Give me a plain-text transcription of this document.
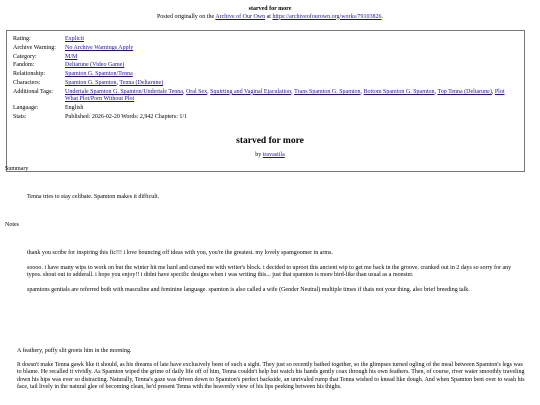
starved for more
Posted originally on the Archive of Our Own at https://archiveofourown.org/works/79103826.
Rating:	Explicit
Archive Warning:	No Archive Warnings Apply
Category:	M/M
Fandom:	Deltarune (Video Game)
Relationship:	Spamton G. Spamton/Tenna
Characters:	Spamton G. Spamton, Tenna (Deltarune)
Additional Tags:	Undertale Spamton G. Spamton/Undertale Tenna, Oral Sex, Squirting and Vaginal Ejaculation, Trans Spamton G. Spamton, Bottom Spamton G. Spamton, Top Tenna (Deltarune), Plot What Plot/Porn Without Plot
Language:	English
Stats:	Published: 2026-02-20 Words: 2,942 Chapters: 1/1
starved for more
by travastila
Summary
Tenna tries to stay celibate. Spamton makes it difficult.
Notes

thank you scribe for inspiring this fic!!! i love bouncing off ideas with you, you're the greatest. my lovely spamgoomer in arms.

soooo. i have many wips to work on but the winter hit me hard and cursed me with writer's block. i decided to uproot this ancient wip to get me back in the groove. cranked out in 2 days so sorry for any typos. shout out to adderall. i hope you enjoy!! i didnt have specific designs when i was writing this... just that spamton is more bird-like than usual as a monster.

spamtons genitals are referred both with masculine and feminine language. spamton is also called a wife (Gender Neutral) multiple times if thats not your thing. also brief breeding talk.

A feathery, puffy slit greets him in the morning.

It doesn't make Tenna gawk like it should, as his dreams of late have exclusively been of such a sight. They just so recently bathed together, so the glimpses turned ogling of the meal between Spamton's legs was to blame. He recalled it vividly. As Spamton wiped the grime of daily life off of him, Tenna couldn't help but watch his hands gently coax through his own feathers. Then, of course, river water smoothly traveling down his hips was ever so distracting. Naturally, Tenna's gaze was driven down to Spamton's perfect backside, an unrivaled rump that Tenna wished to knead like dough. And when Spamton bent over to wash his face, tail lively in the natural glee of becoming clean, he'd present Tenna with the heavenly view of his lips peeking between his thighs.
